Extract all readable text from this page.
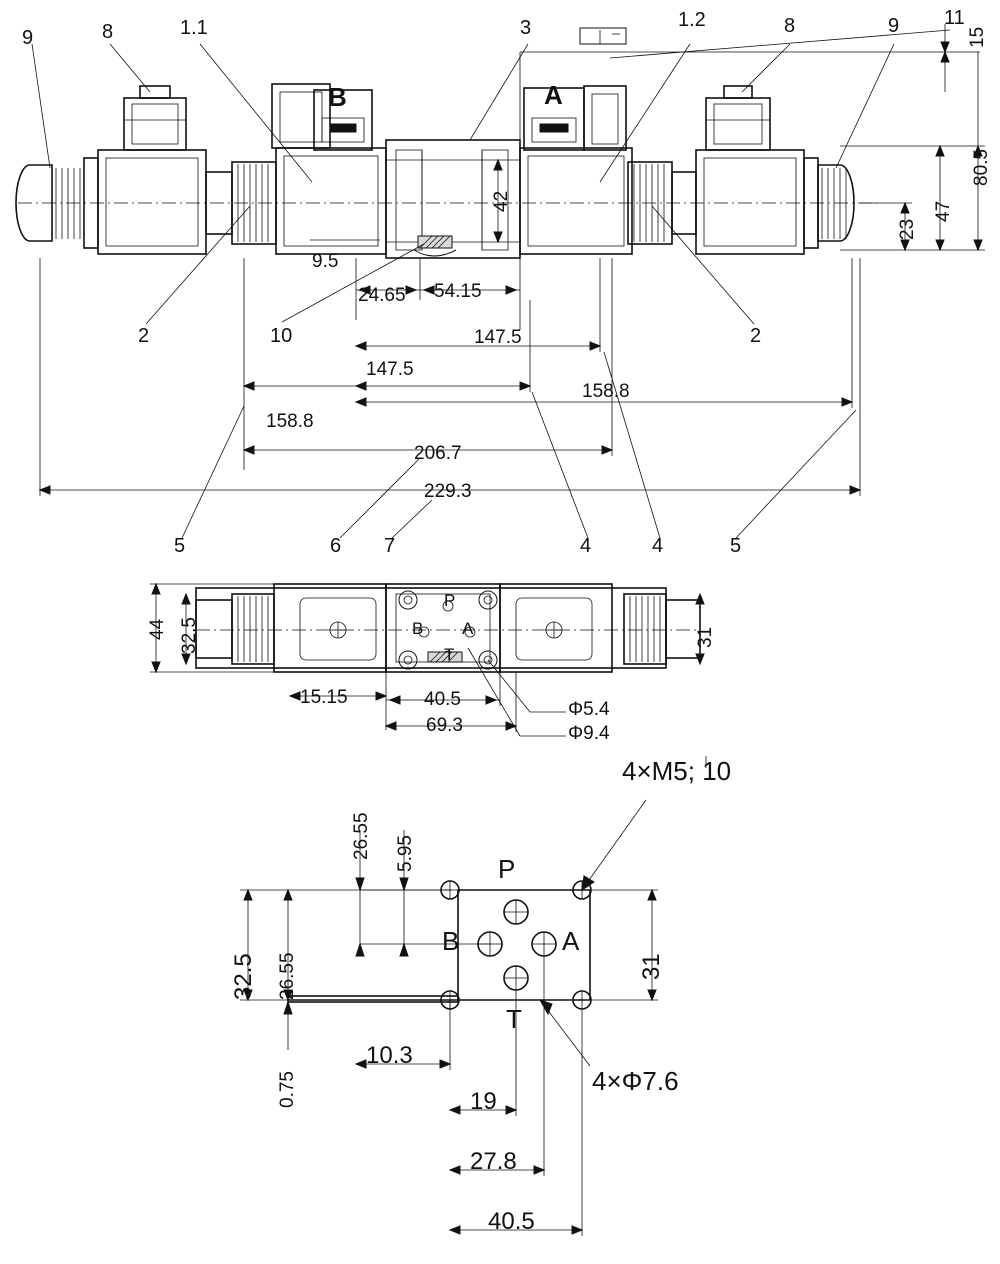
9	8	1.1	3	1.2	8	9 11
2	2
10
5	6 7	4	4	5
B	A
15
80.5
47
23
42
9.5
24.65 54.15
147.5
147.5
158.8
158.8
206.7
229.3
44 32.5	31
15.15	40.5
69.3
Φ5.4
Φ9.4
P
B A
T
4×M5; 10
4×Φ7.6
P
B	A
T
26.55 5.95
32.5 26.55
0.75
31
10.3
19
27.8
40.5
